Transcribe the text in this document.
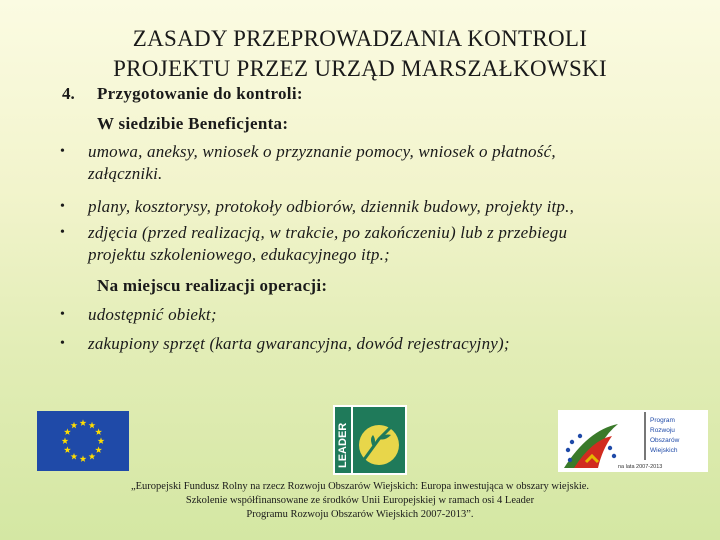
ZASADY PRZEPROWADZANIA KONTROLI
PROJEKTU PRZEZ URZĄD MARSZAŁKOWSKI
4. Przygotowanie do kontroli:
W siedzibie Beneficjenta:
• umowa, aneksy, wniosek o przyznanie pomocy, wniosek o płatność,
załączniki.
• plany, kosztorysy, protokoły odbiorów, dziennik budowy, projekty itp.,
• zdjęcia (przed realizacją, w trakcie, po zakończeniu) lub z przebiegu
projektu szkoleniowego, edukacyjnego itp.;
Na miejscu realizacji operacji:
• udostępnić obiekt;
• zakupiony sprzęt (karta gwarancyjna, dowód rejestracyjny);
LEADER
Program
Rozwoju
Obszarów
Wiejskich
na lata 2007-2013
„Europejski Fundusz Rolny na rzecz Rozwoju Obszarów Wiejskich: Europa inwestująca w obszary wiejskie.
Szkolenie współfinansowane ze środków Unii Europejskiej w ramach osi 4 Leader
Programu Rozwoju Obszarów Wiejskich 2007-2013”.
